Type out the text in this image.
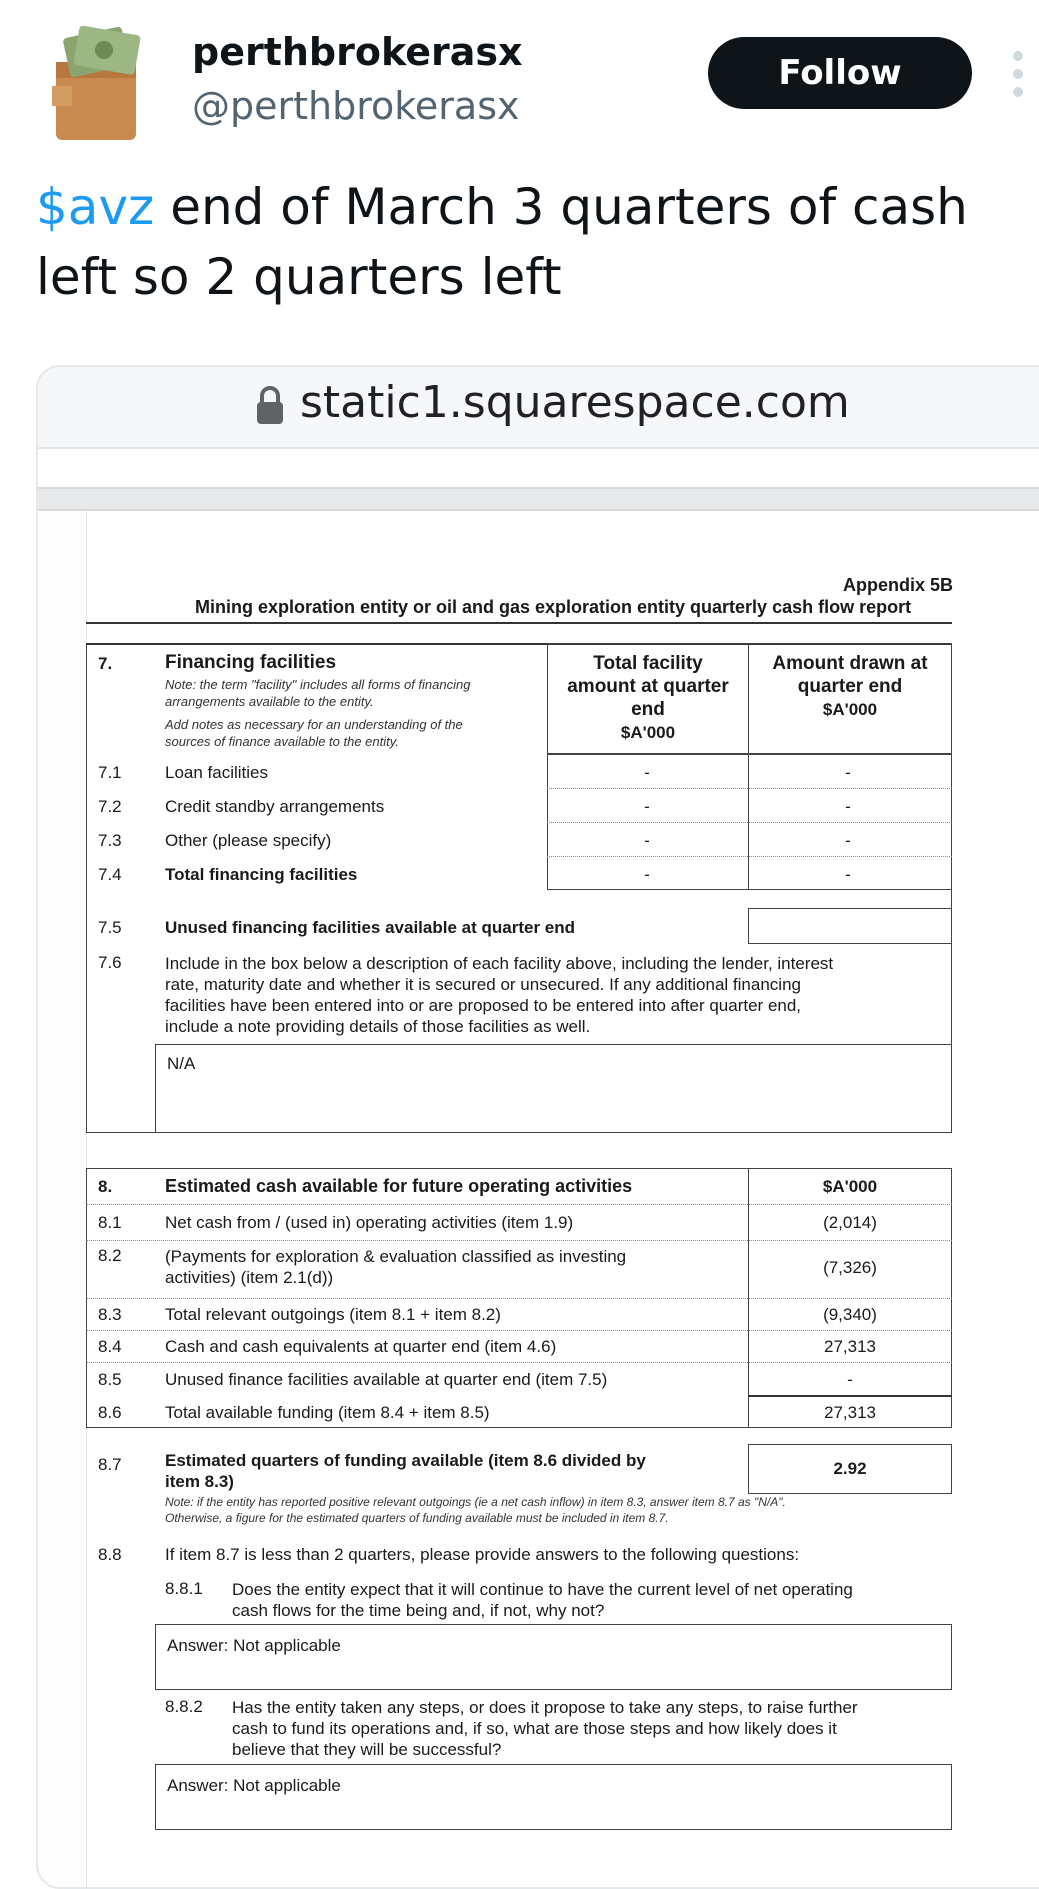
perthbrokerasx
@perthbrokerasx
Follow
$avz end of March 3 quarters of cash
left so 2 quarters left
static1.squarespace.com
Appendix 5B
Mining exploration entity or oil and gas exploration entity quarterly cash flow report
7.	Financing facilities
Note: the term "facility" includes all forms of financing
arrangements available to the entity.
Add notes as necessary for an understanding of the
sources of finance available to the entity.
Total facility
amount at quarter
end
$A'000
Amount drawn at
quarter end
$A'000
7.1	Loan facilities	-	-
7.2	Credit standby arrangements	-	-
7.3	Other (please specify)	-	-
7.4	Total financing facilities	-	-
7.5	Unused financing facilities available at quarter end
7.6	Include in the box below a description of each facility above, including the lender, interest
rate, maturity date and whether it is secured or unsecured. If any additional financing
facilities have been entered into or are proposed to be entered into after quarter end,
include a note providing details of those facilities as well.
N/A
8.	Estimated cash available for future operating activities	$A'000
8.1	Net cash from / (used in) operating activities (item 1.9)	(2,014)
8.2	(Payments for exploration & evaluation classified as investing
activities) (item 2.1(d))
(7,326)
8.3	Total relevant outgoings (item 8.1 + item 8.2)	(9,340)
8.4	Cash and cash equivalents at quarter end (item 4.6)	27,313
8.5	Unused finance facilities available at quarter end (item 7.5)	-
8.6	Total available funding (item 8.4 + item 8.5)	27,313
8.7	Estimated quarters of funding available (item 8.6 divided by
item 8.3)
2.92
Note: if the entity has reported positive relevant outgoings (ie a net cash inflow) in item 8.3, answer item 8.7 as "N/A".
Otherwise, a figure for the estimated quarters of funding available must be included in item 8.7.
8.8	If item 8.7 is less than 2 quarters, please provide answers to the following questions:
8.8.1 Does the entity expect that it will continue to have the current level of net operating
cash flows for the time being and, if not, why not?
Answer: Not applicable
8.8.2 Has the entity taken any steps, or does it propose to take any steps, to raise further
cash to fund its operations and, if so, what are those steps and how likely does it
believe that they will be successful?
Answer: Not applicable
